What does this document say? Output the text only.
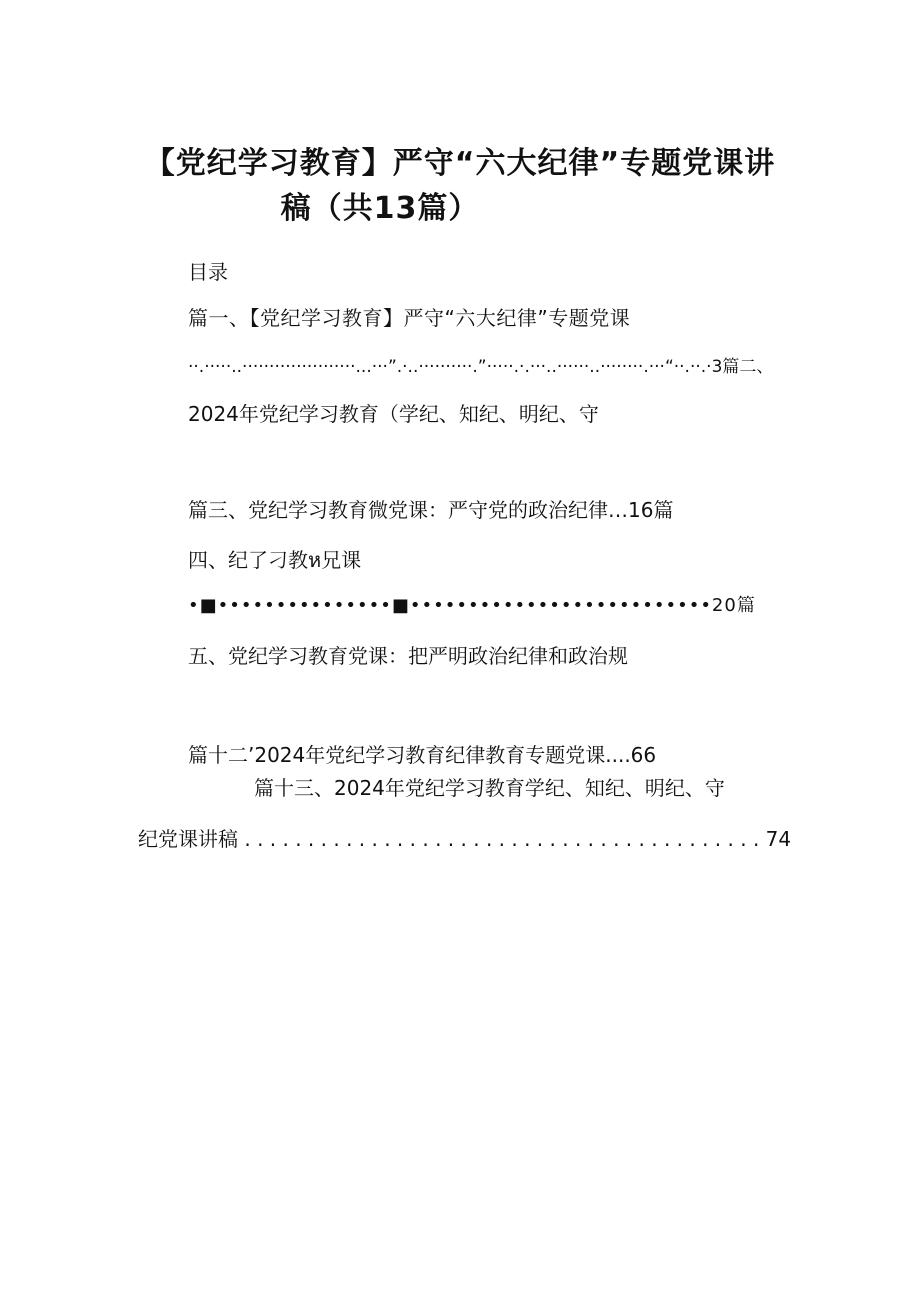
【党纪学习教育】严守“六大纪律”专题党课讲
稿（共13篇）
目录
篇一、【党纪学习教育】严守“六大纪律”专题党课
··.·····..·····················...···”.·..··········.”·····.·.···..······..········.···“··.··.·3篇二、
2024年党纪学习教育（学纪、知纪、明纪、守
篇三、党纪学习教育微党课：严守党的政治纪律…16篇
四、纪了刁教ห兄课
•■•••••••••••••••■••••••••••••••••••••••••••20篇
五、党纪学习教育党课：把严明政治纪律和政治规
篇十二’2024年党纪学习教育纪律教育专题党课....66
篇十三、2024年党纪学习教育学纪、知纪、明纪、守
纪党课讲稿 . . . . . . . . . . . . . . . . . . . . . . . . . . . . . . . . . . . . . . . . . 74
